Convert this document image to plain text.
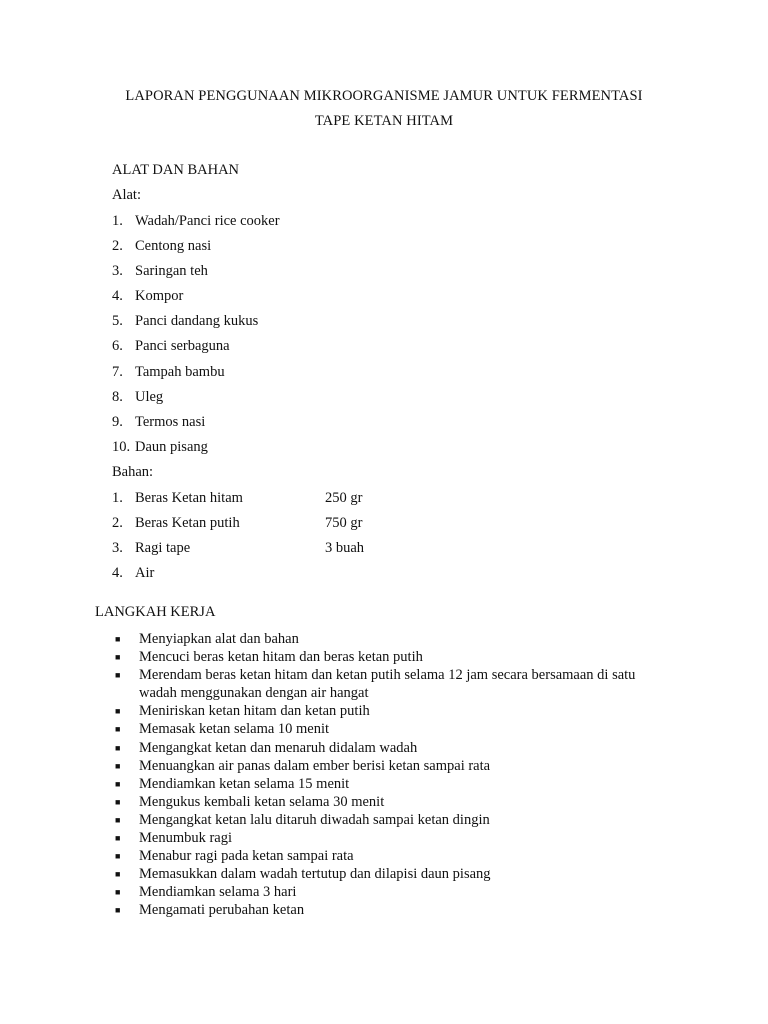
LAPORAN PENGGUNAAN MIKROORGANISME JAMUR UNTUK FERMENTASI
TAPE KETAN HITAM
ALAT DAN BAHAN
Alat:
1. Wadah/Panci rice cooker
2. Centong nasi
3. Saringan teh
4. Kompor
5. Panci dandang kukus
6. Panci serbaguna
7. Tampah bambu
8. Uleg
9. Termos nasi
10. Daun pisang
Bahan:
1. Beras Ketan hitam	250 gr
2. Beras Ketan putih	750 gr
3. Ragi tape	3 buah
4. Air
LANGKAH KERJA
■ Menyiapkan alat dan bahan
■ Mencuci beras ketan hitam dan beras ketan putih
■ Merendam beras ketan hitam dan ketan putih selama 12 jam secara bersamaan di satu wadah menggunakan dengan air hangat
■ Meniriskan ketan hitam dan ketan putih
■ Memasak ketan selama 10 menit
■ Mengangkat ketan dan menaruh didalam wadah
■ Menuangkan air panas dalam ember berisi ketan sampai rata
■ Mendiamkan ketan selama 15 menit
■ Mengukus kembali ketan selama 30 menit
■ Mengangkat ketan lalu ditaruh diwadah sampai ketan dingin
■ Menumbuk ragi
■ Menabur ragi pada ketan sampai rata
■ Memasukkan dalam wadah tertutup dan dilapisi daun pisang
■ Mendiamkan selama 3 hari
■ Mengamati perubahan ketan
